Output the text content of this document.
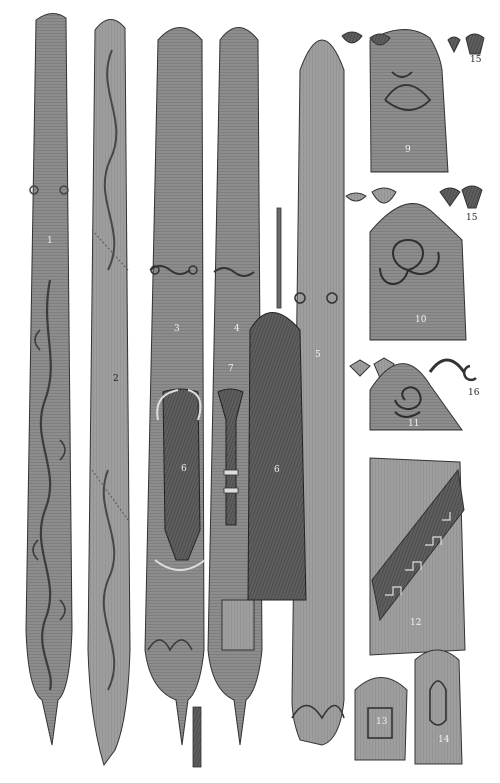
1
2
3	4
5
6
7
6
9
15
15
10
16
11
12
13
14
